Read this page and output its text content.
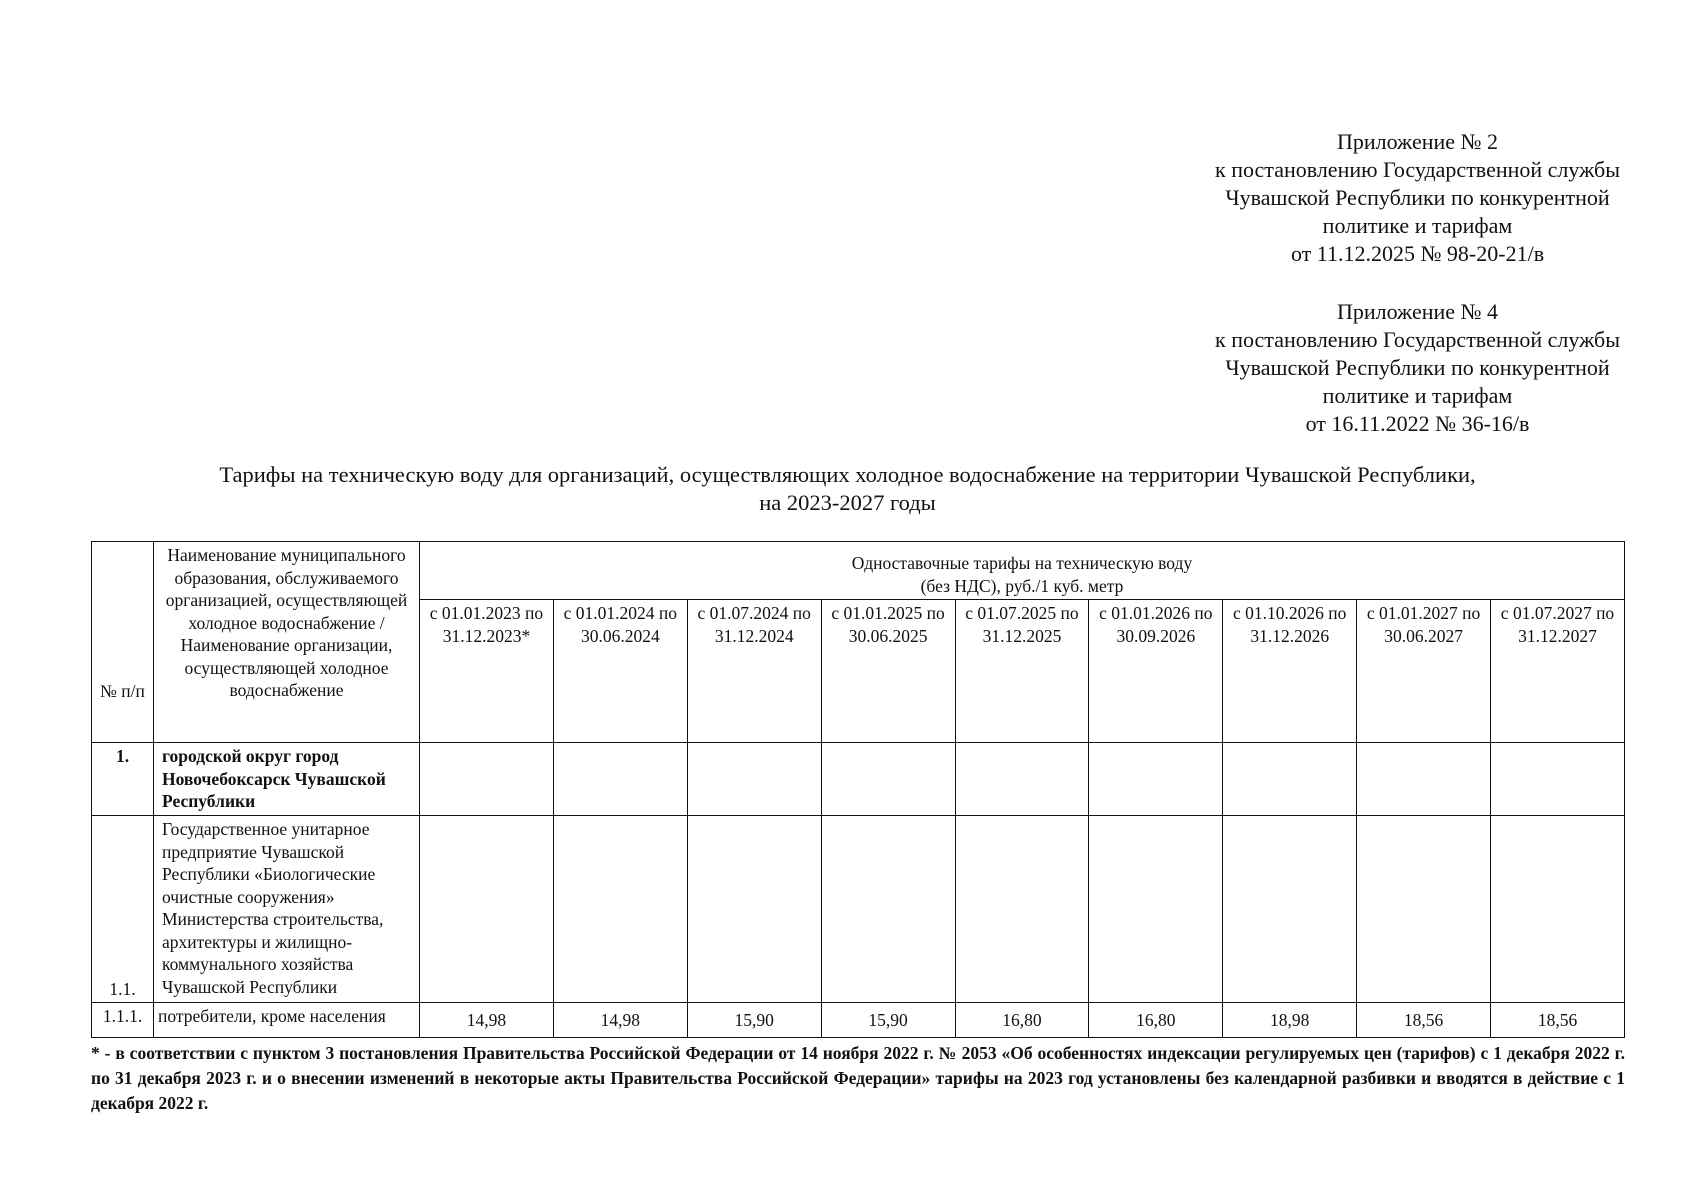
Приложение № 2
к постановлению Государственной службы
Чувашской Республики по конкурентной
политике и тарифам
от 11.12.2025 № 98-20-21/в
Приложение № 4
к постановлению Государственной службы
Чувашской Республики по конкурентной
политике и тарифам
от 16.11.2022 № 36-16/в
Тарифы на техническую воду для организаций, осуществляющих холодное водоснабжение на территории Чувашской Республики,
на 2023-2027 годы
№ п/п	Наименование муниципального образования, обслуживаемого организацией, осуществляющей холодное водоснабжение / Наименование организации, осуществляющей холодное водоснабжение	Одноставочные тарифы на техническую воду
(без НДС), руб./1 куб. метр								

		с 01.01.2023 по 31.12.2023*	с 01.01.2024 по 30.06.2024	с 01.07.2024 по 31.12.2024	с 01.01.2025 по 30.06.2025	с 01.07.2025 по 31.12.2025	с 01.01.2026 по 30.09.2026	с 01.10.2026 по 31.12.2026	с 01.01.2027 по 30.06.2027	с 01.07.2027 по 31.12.2027
1.	городской округ город Новочебоксарск Чувашской Республики									
1.1.	Государственное унитарное предприятие Чувашской Республики «Биологические очистные сооружения» Министерства строительства, архитектуры и жилищно-коммунального хозяйства Чувашской Республики									
1.1.1.	потребители, кроме населения	14,98	14,98	15,90	15,90	16,80	16,80	18,98	18,56	18,56
* - в соответствии с пунктом 3 постановления Правительства Российской Федерации от 14 ноября 2022 г. № 2053 «Об особенностях индексации регулируемых цен (тарифов) с 1 декабря 2022 г. по 31 декабря 2023 г. и о внесении изменений в некоторые акты Правительства Российской Федерации» тарифы на 2023 год установлены без календарной разбивки и вводятся в действие с 1 декабря 2022 г.
